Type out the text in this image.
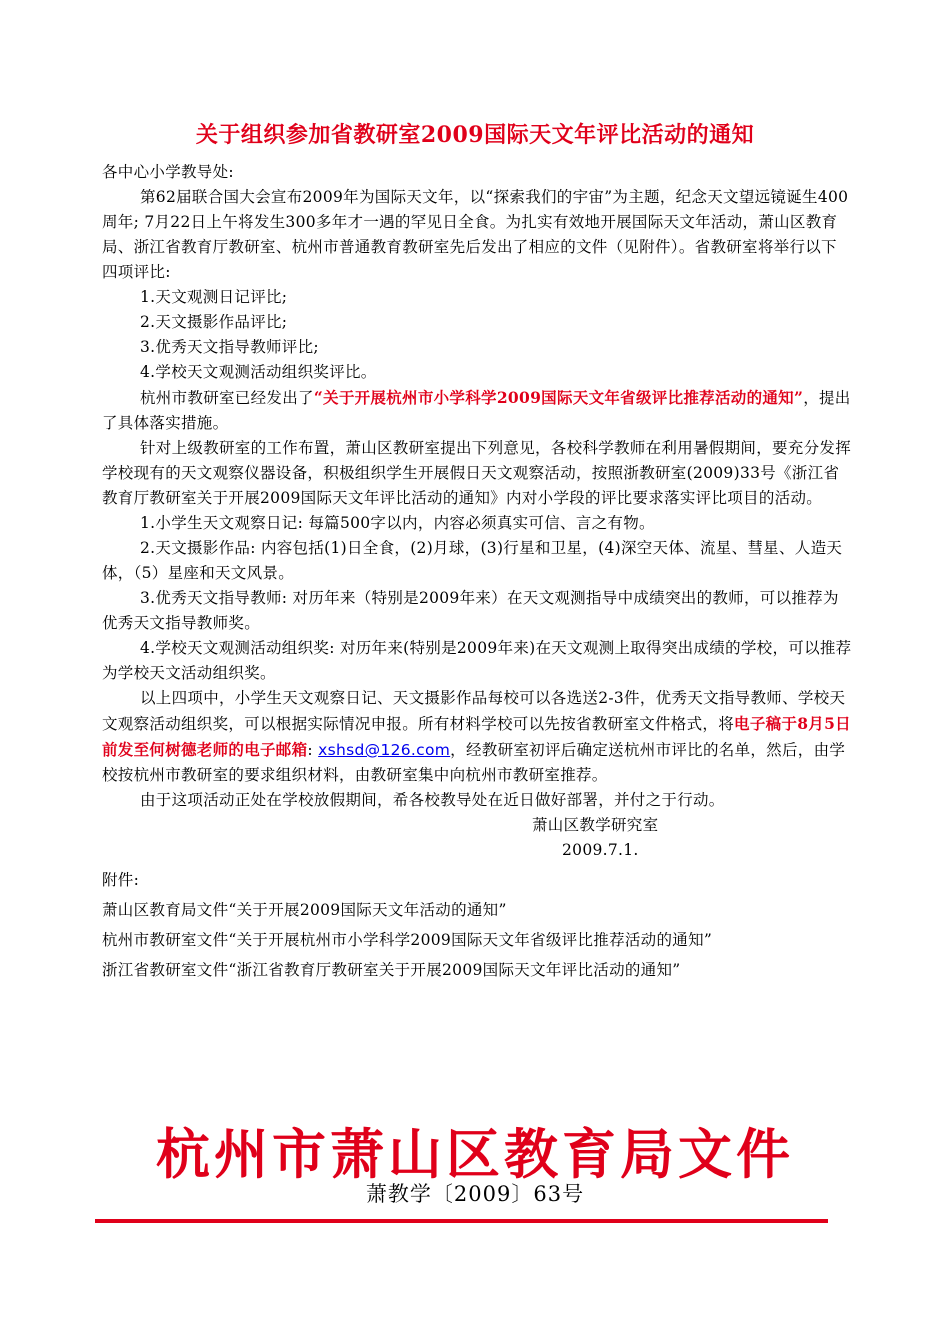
关于组织参加省教研室2009国际天文年评比活动的通知

各中心小学教导处:

第62届联合国大会宣布2009年为国际天文年，以“探索我们的宇宙”为主题，纪念天文望远镜诞生400周年; 7月22日上午将发生300多年才一遇的罕见日全食。为扎实有效地开展国际天文年活动，萧山区教育局、浙江省教育厅教研室、杭州市普通教育教研室先后发出了相应的文件（见附件）。省教研室将举行以下四项评比:

1.天文观测日记评比;

2.天文摄影作品评比;

3.优秀天文指导教师评比;

4.学校天文观测活动组织奖评比。

杭州市教研室已经发出了“关于开展杭州市小学科学2009国际天文年省级评比推荐活动的通知”，提出了具体落实措施。

针对上级教研室的工作布置，萧山区教研室提出下列意见，各校科学教师在利用暑假期间，要充分发挥学校现有的天文观察仪器设备，积极组织学生开展假日天文观察活动，按照浙教研室(2009)33号《浙江省教育厅教研室关于开展2009国际天文年评比活动的通知》内对小学段的评比要求落实评比项目的活动。

1.小学生天文观察日记: 每篇500字以内，内容必须真实可信、言之有物。

2.天文摄影作品: 内容包括(1)日全食，(2)月球，(3)行星和卫星，(4)深空天体、流星、彗星、人造天体，（5）星座和天文风景。

3.优秀天文指导教师: 对历年来（特别是2009年来）在天文观测指导中成绩突出的教师，可以推荐为优秀天文指导教师奖。

4.学校天文观测活动组织奖: 对历年来(特别是2009年来)在天文观测上取得突出成绩的学校，可以推荐为学校天文活动组织奖。

以上四项中，小学生天文观察日记、天文摄影作品每校可以各选送2-3件，优秀天文指导教师、学校天文观察活动组织奖，可以根据实际情况申报。所有材料学校可以先按省教研室文件格式，将电子稿于8月5日前发至何树德老师的电子邮箱: xshsd@126.com，经教研室初评后确定送杭州市评比的名单，然后，由学校按杭州市教研室的要求组织材料，由教研室集中向杭州市教研室推荐。

由于这项活动正处在学校放假期间，希各校教导处在近日做好部署，并付之于行动。

萧山区教学研究室

2009.7.1.

附件:

萧山区教育局文件“关于开展2009国际天文年活动的通知”

杭州市教研室文件“关于开展杭州市小学科学2009国际天文年省级评比推荐活动的通知”

浙江省教研室文件“浙江省教育厅教研室关于开展2009国际天文年评比活动的通知”

杭州市萧山区教育局文件
萧教学〔2009〕63号
